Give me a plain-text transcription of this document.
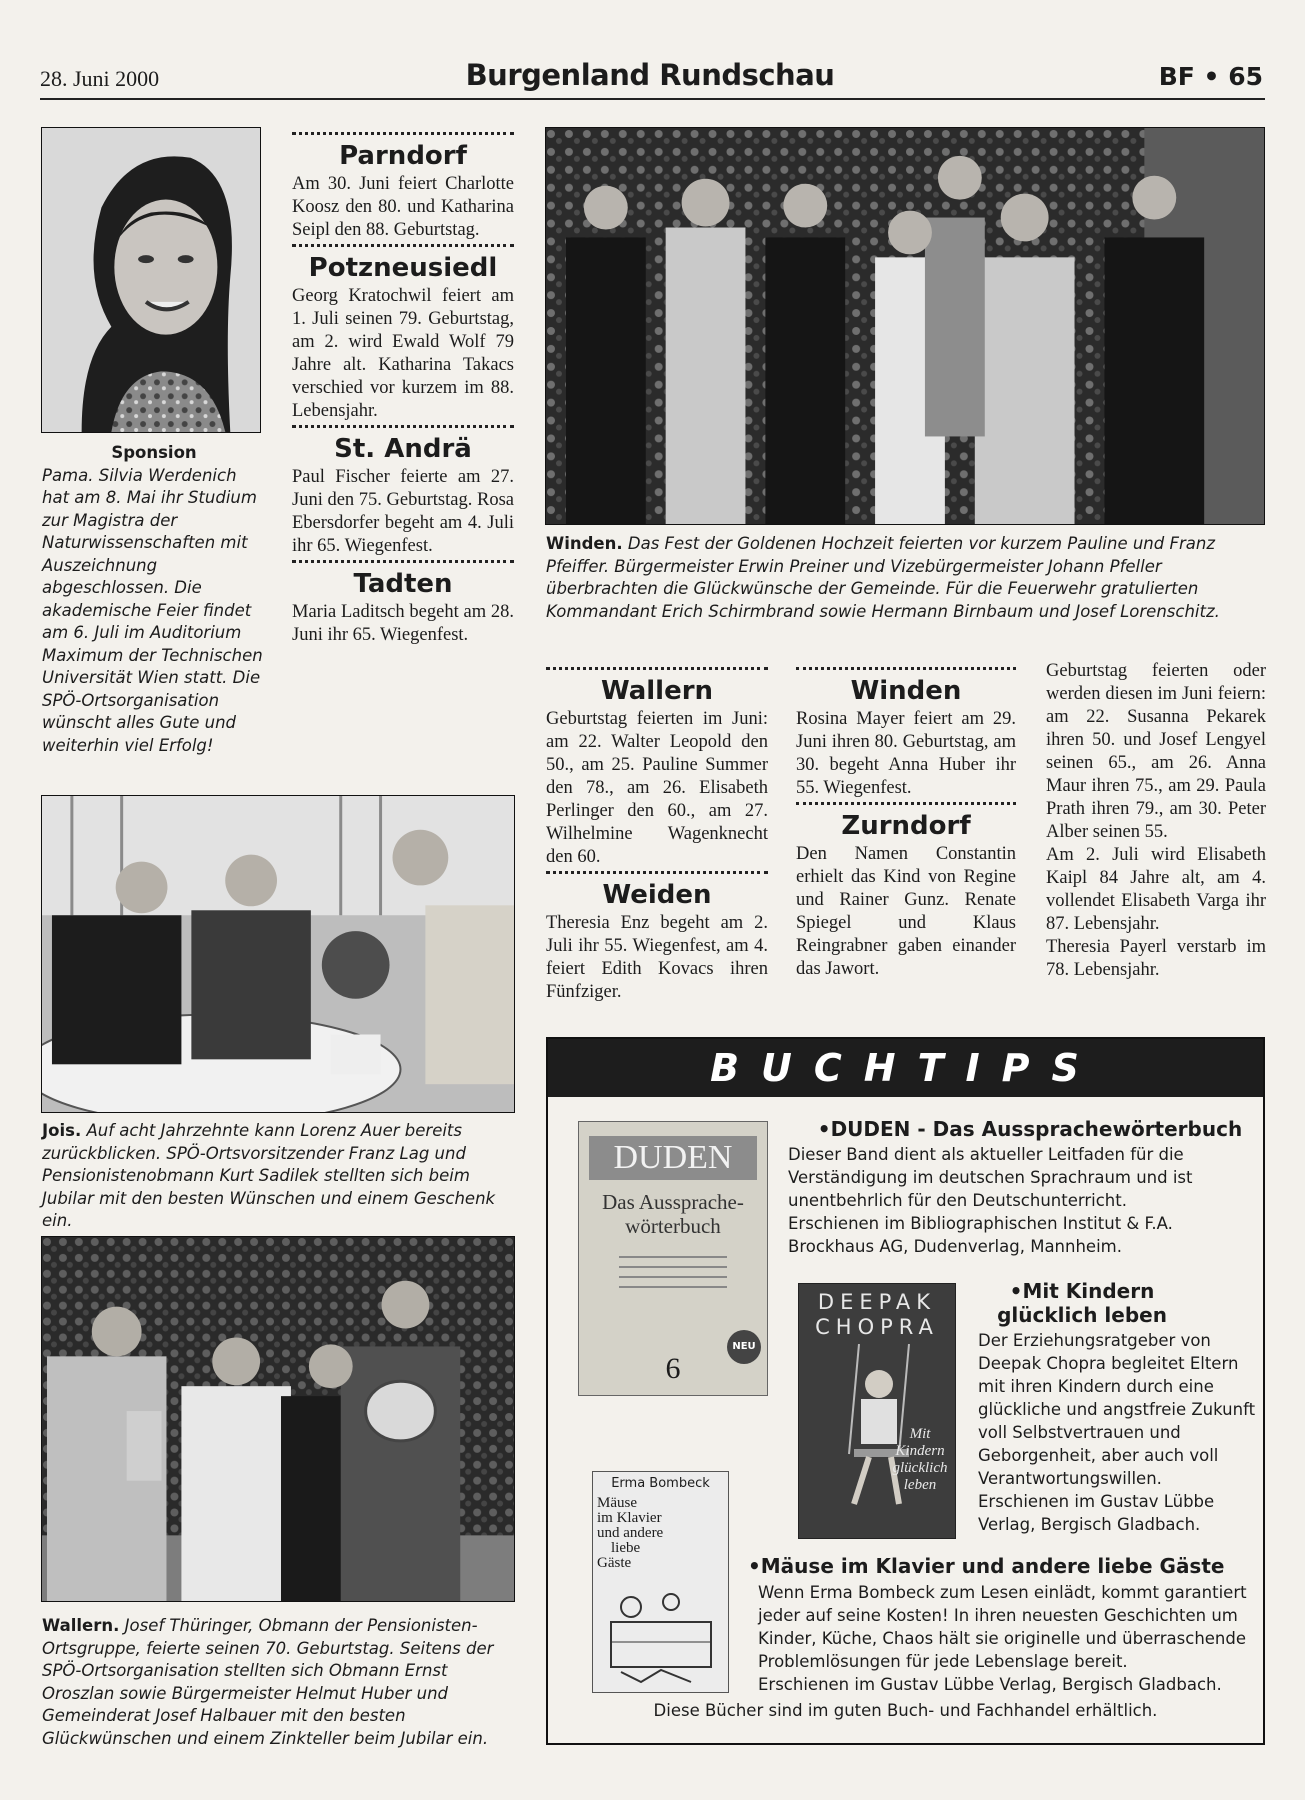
28. Juni 2000	Burgenland Rundschau	BF • 65
Sponsion
Pama. Silvia Werdenich hat am 8. Mai ihr Studium zur Magistra der Naturwissenschaften mit Auszeichnung abgeschlossen. Die akademische Feier findet am 6. Juli im Auditorium Maximum der Technischen Universität Wien statt. Die SPÖ-Ortsorganisation wünscht alles Gute und weiterhin viel Erfolg!
Parndorf

Am 30. Juni feiert Charlotte Koosz den 80. und Katharina Seipl den 88. Geburtstag.

Potzneusiedl

Georg Kratochwil feiert am 1. Juli seinen 79. Geburtstag, am 2. wird Ewald Wolf 79 Jahre alt. Katharina Takacs verschied vor kurzem im 88. Lebensjahr.

St. Andrä

Paul Fischer feierte am 27. Juni den 75. Geburtstag. Rosa Ebersdorfer begeht am 4. Juli ihr 65. Wiegenfest.

Tadten

Maria Laditsch begeht am 28. Juni ihr 65. Wiegenfest.

Winden. Das Fest der Goldenen Hochzeit feierten vor kurzem Pauline und Franz Pfeiffer. Bürgermeister Erwin Preiner und Vizebürgermeister Johann Pfeller überbrachten die Glückwünsche der Gemeinde. Für die Feuerwehr gratulierten Kommandant Erich Schirmbrand sowie Hermann Birnbaum und Josef Lorenschitz.
Wallern

Geburtstag feierten im Juni: am 22. Walter Leopold den 50., am 25. Pauline Summer den 78., am 26. Elisabeth Perlinger den 60., am 27. Wilhelmine Wagenknecht den 60.

Weiden

Theresia Enz begeht am 2. Juli ihr 55. Wiegenfest, am 4. feiert Edith Kovacs ihren Fünfziger.

Winden

Rosina Mayer feiert am 29. Juni ihren 80. Geburtstag, am 30. begeht Anna Huber ihr 55. Wiegenfest.

Zurndorf

Den Namen Constantin erhielt das Kind von Regine und Rainer Gunz. Renate Spiegel und Klaus Reingrabner gaben einander das Jawort.

Geburtstag feierten oder werden diesen im Juni feiern: am 22. Susanna Pekarek ihren 50. und Josef Lengyel seinen 65., am 26. Anna Maur ihren 75., am 29. Paula Prath ihren 79., am 30. Peter Alber seinen 55.

Am 2. Juli wird Elisabeth Kaipl 84 Jahre alt, am 4. vollendet Elisabeth Varga ihr 87. Lebensjahr.

Theresia Payerl verstarb im 78. Lebensjahr.

Jois. Auf acht Jahrzehnte kann Lorenz Auer bereits zurückblicken. SPÖ-Ortsvorsitzender Franz Lag und Pensionistenobmann Kurt Sadilek stellten sich beim Jubilar mit den besten Wünschen und einem Geschenk ein.
Wallern. Josef Thüringer, Obmann der Pensionisten-Ortsgruppe, feierte seinen 70. Geburtstag. Seitens der SPÖ-Ortsorganisation stellten sich Obmann Ernst Oroszlan sowie Bürgermeister Helmut Huber und Gemeinderat Josef Halbauer mit den besten Glückwünschen und einem Zinkteller beim Jubilar ein.
BUCHTIPS
DUDEN
Das Aussprache-
wörterbuch
6
NEU
•DUDEN - Das Aussprachewörterbuch
Dieser Band dient als aktueller Leitfaden für die Verständigung im deutschen Sprachraum und ist unentbehrlich für den Deutschunterricht.
Erschienen im Bibliographischen Institut & F.A. Brockhaus AG, Dudenverlag, Mannheim.
DEEPAK
CHOPRA
Mit
Kindern
glücklich
leben
•Mit Kindern
glücklich leben
Der Erziehungsratgeber von Deepak Chopra begleitet Eltern mit ihren Kindern durch eine glückliche und angstfreie Zukunft voll Selbstvertrauen und Geborgenheit, aber auch voll Verantwortungswillen.
Erschienen im Gustav Lübbe Verlag, Bergisch Gladbach.
Erma Bombeck
Mäuse
im Klavier
und andere
liebe
Gäste	•Mäuse im Klavier und andere liebe Gäste
Wenn Erma Bombeck zum Lesen einlädt, kommt garantiert jeder auf seine Kosten! In ihren neuesten Geschichten um Kinder, Küche, Chaos hält sie originelle und überraschende Problemlösungen für jede Lebenslage bereit.
Erschienen im Gustav Lübbe Verlag, Bergisch Gladbach.
Diese Bücher sind im guten Buch- und Fachhandel erhältlich.
